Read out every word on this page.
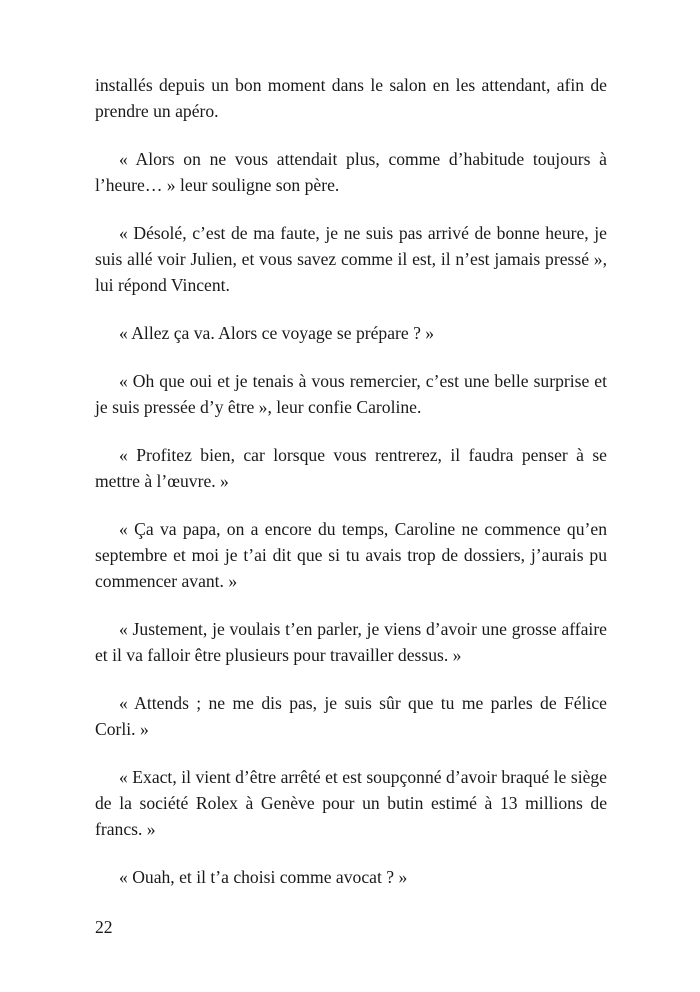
installés depuis un bon moment dans le salon en les attendant, afin de prendre un apéro.

« Alors on ne vous attendait plus, comme d’habitude toujours à l’heure… » leur souligne son père.

« Désolé, c’est de ma faute, je ne suis pas arrivé de bonne heure, je suis allé voir Julien, et vous savez comme il est, il n’est jamais pressé », lui répond Vincent.

« Allez ça va. Alors ce voyage se prépare ? »

« Oh que oui et je tenais à vous remercier, c’est une belle surprise et je suis pressée d’y être », leur confie Caroline.

« Profitez bien, car lorsque vous rentrerez, il faudra penser à se mettre à l’œuvre. »

« Ça va papa, on a encore du temps, Caroline ne commence qu’en septembre et moi je t’ai dit que si tu avais trop de dossiers, j’aurais pu commencer avant. »

« Justement, je voulais t’en parler, je viens d’avoir une grosse affaire et il va falloir être plusieurs pour travailler dessus. »

« Attends ; ne me dis pas, je suis sûr que tu me parles de Félice Corli. »

« Exact, il vient d’être arrêté et est soupçonné d’avoir braqué le siège de la société Rolex à Genève pour un butin estimé à 13 millions de francs. »

« Ouah, et il t’a choisi comme avocat ? »

22
